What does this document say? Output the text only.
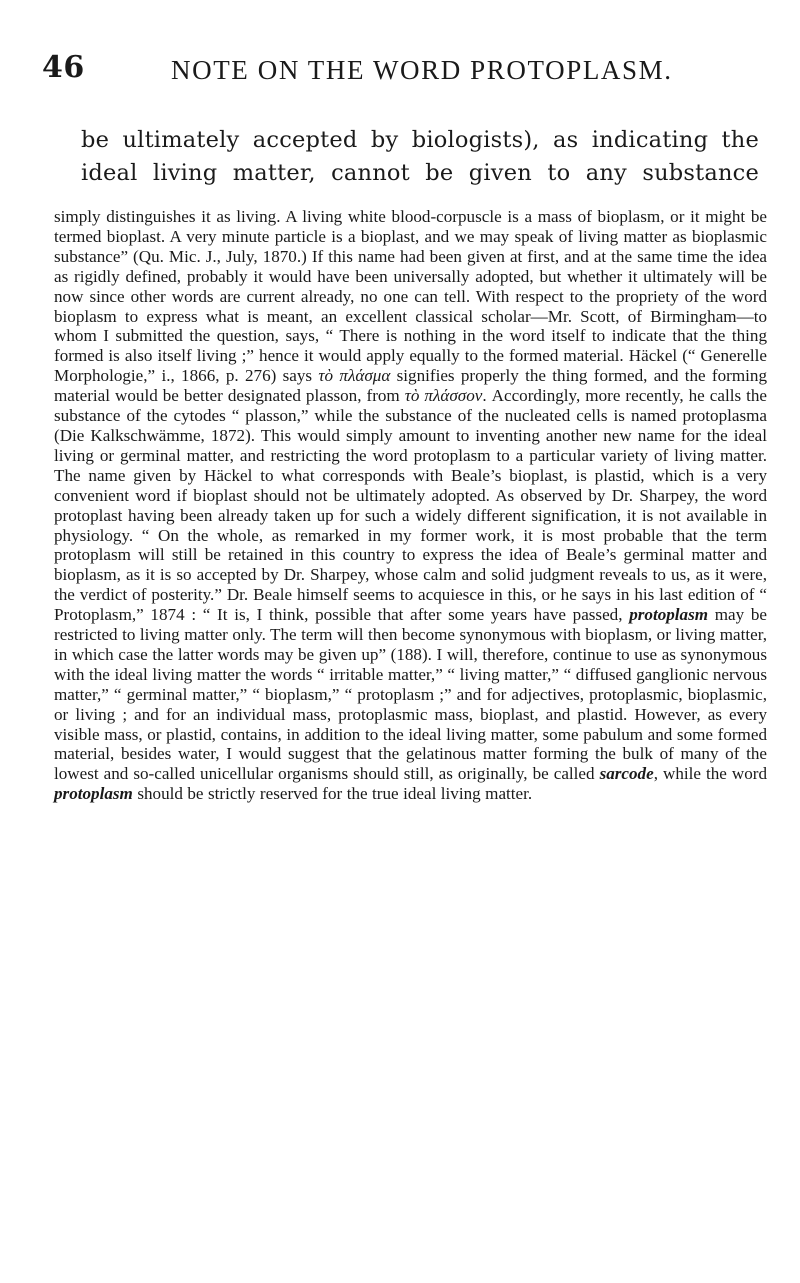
46	NOTE ON THE WORD PROTOPLASM.
be ultimately accepted by biologists), as indicating the
ideal living matter, cannot be given to any substance

simply distinguishes it as living. A living white blood-corpuscle is a mass of bioplasm, or it might be termed bioplast. A very minute particle is a bioplast, and we may speak of living matter as bioplasmic substance” (Qu. Mic. J., July, 1870.) If this name had been given at first, and at the same time the idea as rigidly defined, probably it would have been universally adopted, but whether it ultimately will be now since other words are current already, no one can tell. With respect to the propriety of the word bioplasm to express what is meant, an excellent classical scholar—Mr. Scott, of Birmingham—to whom I submitted the question, says, “ There is nothing in the word itself to indicate that the thing formed is also itself living ;” hence it would apply equally to the formed material. Häckel (“ Generelle Morphologie,” i., 1866, p. 276) says τὸ πλάσμα signifies properly the thing formed, and the forming material would be better designated plasson, from τὸ πλάσσον. Accordingly, more recently, he calls the substance of the cytodes “ plasson,” while the substance of the nucleated cells is named protoplasma (Die Kalkschwämme, 1872). This would simply amount to inventing another new name for the ideal living or germinal matter, and restricting the word protoplasm to a particular variety of living matter. The name given by Häckel to what corresponds with Beale’s bioplast, is plastid, which is a very convenient word if bioplast should not be ultimately adopted. As observed by Dr. Sharpey, the word protoplast having been already taken up for such a widely different signification, it is not available in physiology. “ On the whole, as remarked in my former work, it is most probable that the term protoplasm will still be retained in this country to express the idea of Beale’s germinal matter and bioplasm, as it is so accepted by Dr. Sharpey, whose calm and solid judgment reveals to us, as it were, the verdict of posterity.” Dr. Beale himself seems to acquiesce in this, or he says in his last edition of “ Protoplasm,” 1874 : “ It is, I think, possible that after some years have passed, protoplasm may be restricted to living matter only. The term will then become synonymous with bioplasm, or living matter, in which case the latter words may be given up” (188). I will, therefore, continue to use as synonymous with the ideal living matter the words “ irritable matter,” “ living matter,” “ diffused ganglionic nervous matter,” “ germinal matter,” “ bioplasm,” “ protoplasm ;” and for adjectives, protoplasmic, bioplasmic, or living ; and for an individual mass, protoplasmic mass, bioplast, and plastid. However, as every visible mass, or plastid, contains, in addition to the ideal living matter, some pabulum and some formed material, besides water, I would suggest that the gelatinous matter forming the bulk of many of the lowest and so-called unicellular organisms should still, as originally, be called sarcode, while the word protoplasm should be strictly reserved for the true ideal living matter.
